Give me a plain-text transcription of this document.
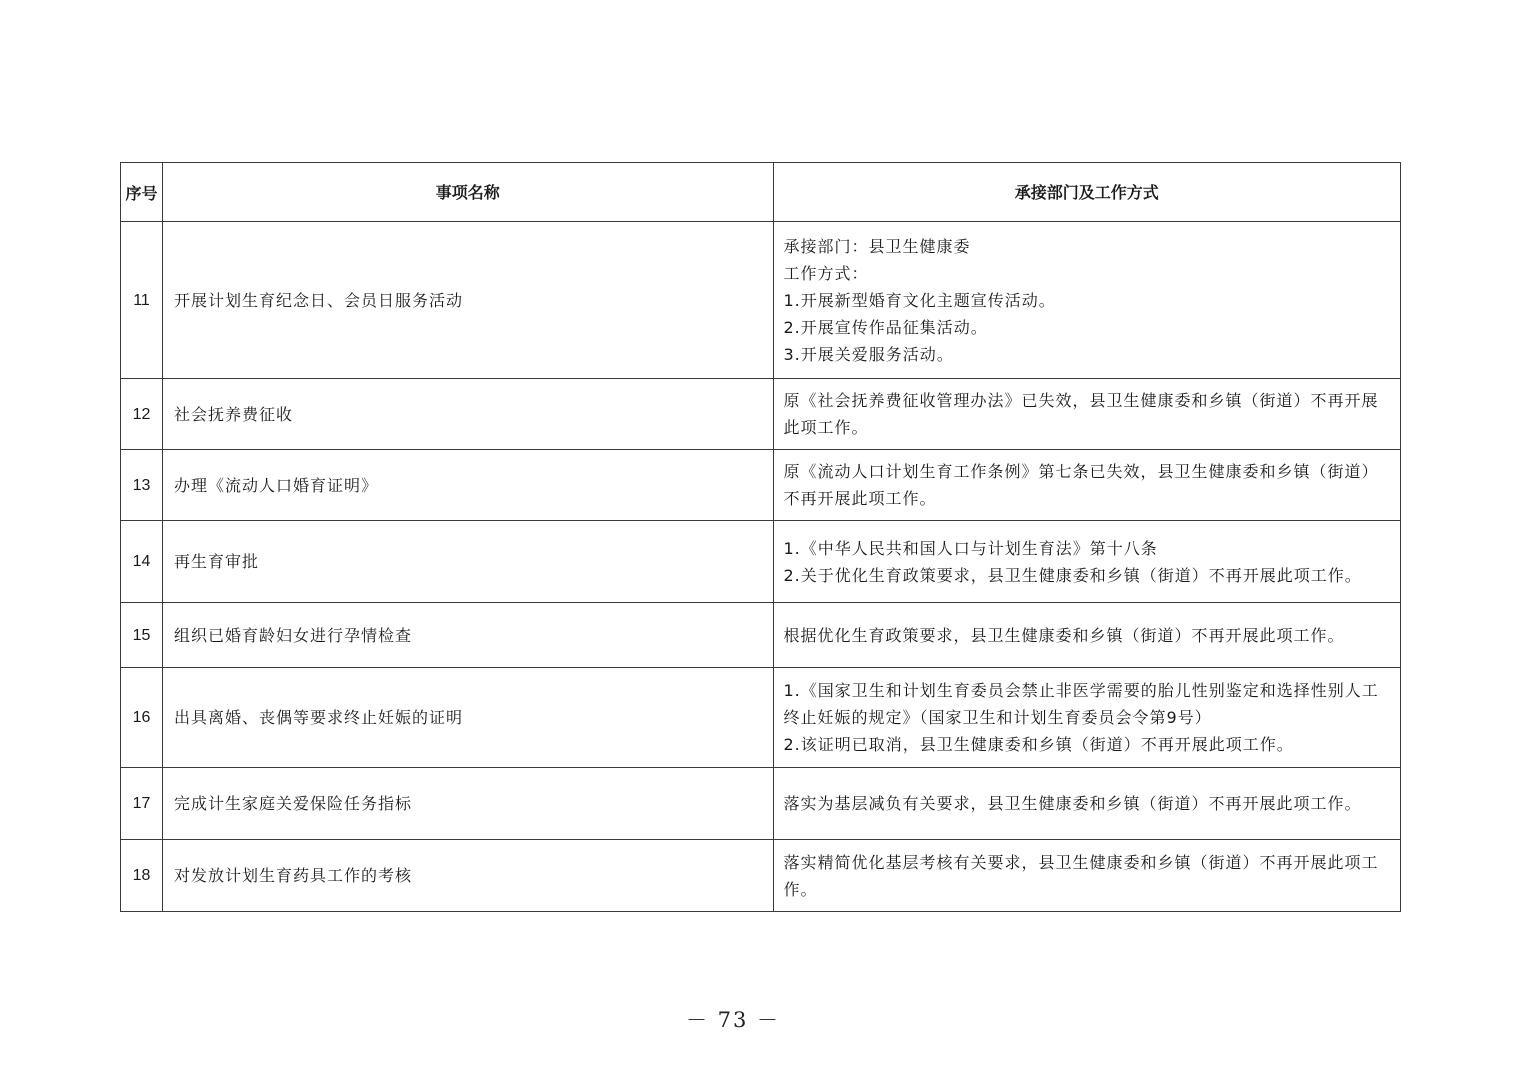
序号	事项名称	承接部门及工作方式
11	开展计划生育纪念日、会员日服务活动	承接部门：县卫生健康委
工作方式：
1.开展新型婚育文化主题宣传活动。
2.开展宣传作品征集活动。
3.开展关爱服务活动。

12	社会抚养费征收	原《社会抚养费征收管理办法》已失效，县卫生健康委和乡镇（街道）不再开展此项工作。

13	办理《流动人口婚育证明》	原《流动人口计划生育工作条例》第七条已失效，县卫生健康委和乡镇（街道）不再开展此项工作。

14	再生育审批	1.《中华人民共和国人口与计划生育法》第十八条
2.关于优化生育政策要求，县卫生健康委和乡镇（街道）不再开展此项工作。

15	组织已婚育龄妇女进行孕情检查	根据优化生育政策要求，县卫生健康委和乡镇（街道）不再开展此项工作。

16	出具离婚、丧偶等要求终止妊娠的证明	1.《国家卫生和计划生育委员会禁止非医学需要的胎儿性别鉴定和选择性别人工终止妊娠的规定》（国家卫生和计划生育委员会令第9号）
2.该证明已取消，县卫生健康委和乡镇（街道）不再开展此项工作。

17	完成计生家庭关爱保险任务指标	落实为基层减负有关要求，县卫生健康委和乡镇（街道）不再开展此项工作。

18	对发放计划生育药具工作的考核	落实精简优化基层考核有关要求，县卫生健康委和乡镇（街道）不再开展此项工作。
－ 73 －
